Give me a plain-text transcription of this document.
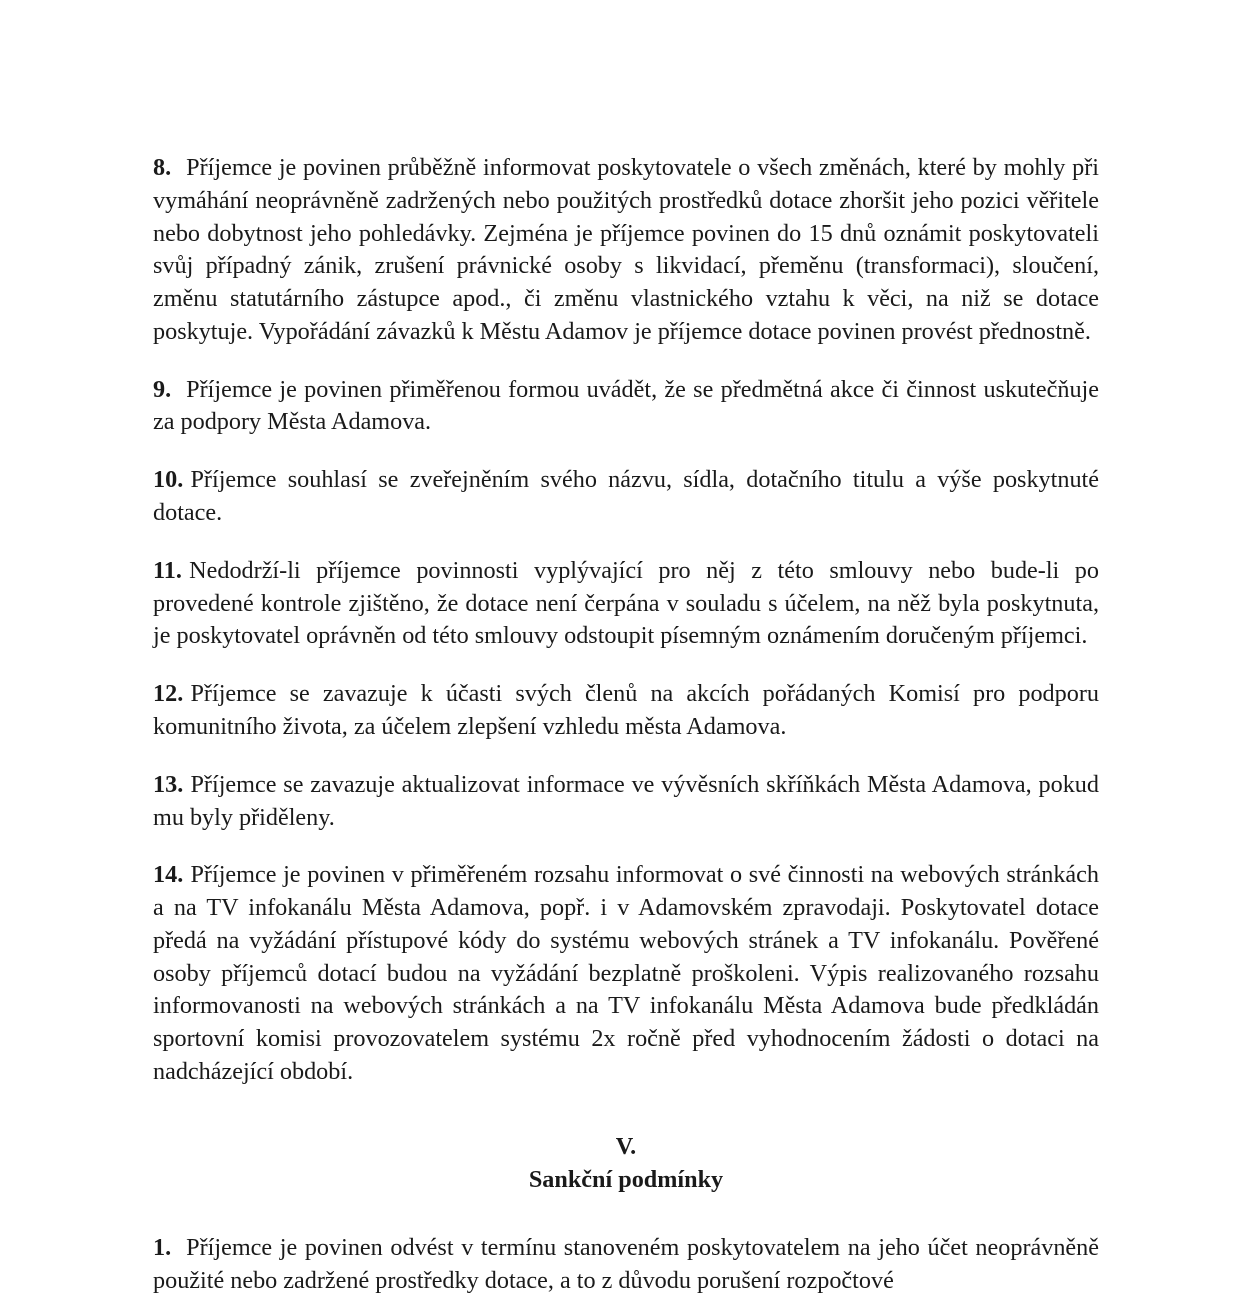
8. Příjemce je povinen průběžně informovat poskytovatele o všech změnách, které by mohly při vymáhání neoprávněně zadržených nebo použitých prostředků dotace zhoršit jeho pozici věřitele nebo dobytnost jeho pohledávky. Zejména je příjemce povinen do 15 dnů oznámit poskytovateli svůj případný zánik, zrušení právnické osoby s likvidací, přeměnu (transformaci), sloučení, změnu statutárního zástupce apod., či změnu vlastnického vztahu k věci, na niž se dotace poskytuje. Vypořádání závazků k Městu Adamov je příjemce dotace povinen provést přednostně.

9. Příjemce je povinen přiměřenou formou uvádět, že se předmětná akce či činnost uskutečňuje za podpory Města Adamova.

10. Příjemce souhlasí se zveřejněním svého názvu, sídla, dotačního titulu a výše poskytnuté dotace.

11. Nedodrží-li příjemce povinnosti vyplývající pro něj z této smlouvy nebo bude-li po provedené kontrole zjištěno, že dotace není čerpána v souladu s účelem, na něž byla poskytnuta, je poskytovatel oprávněn od této smlouvy odstoupit písemným oznámením doručeným příjemci.

12. Příjemce se zavazuje k účasti svých členů na akcích pořádaných Komisí pro podporu komunitního života, za účelem zlepšení vzhledu města Adamova.

13. Příjemce se zavazuje aktualizovat informace ve vývěsních skříňkách Města Adamova, pokud mu byly přiděleny.

14. Příjemce je povinen v přiměřeném rozsahu informovat o své činnosti na webových stránkách a na TV infokanálu Města Adamova, popř. i v Adamovském zpravodaji. Poskytovatel dotace předá na vyžádání přístupové kódy do systému webových stránek a TV infokanálu. Pověřené osoby příjemců dotací budou na vyžádání bezplatně proškoleni. Výpis realizovaného rozsahu informovanosti na webových stránkách a na TV infokanálu Města Adamova bude předkládán sportovní komisi provozovatelem systému 2x ročně před vyhodnocením žádosti o dotaci na nadcházející období.

V.
Sankční podmínky

1. Příjemce je povinen odvést v termínu stanoveném poskytovatelem na jeho účet neoprávněně použité nebo zadržené prostředky dotace, a to z důvodu porušení rozpočtové
